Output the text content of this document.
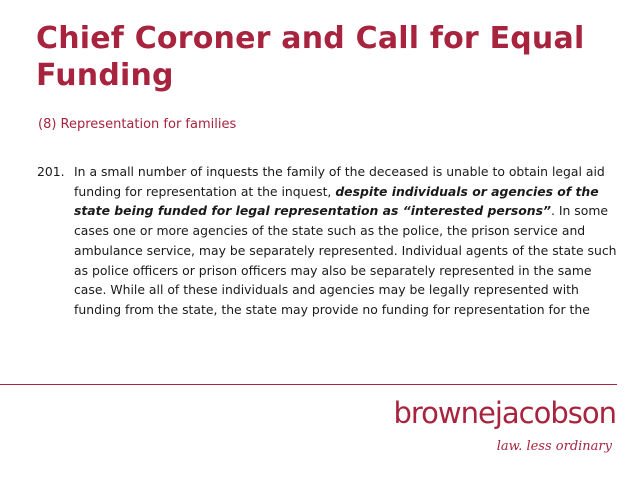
Chief Coroner and Call for Equal Funding

(8) Representation for families

201. In a small number of inquests the family of the deceased is unable to obtain legal aid funding for representation at the inquest, despite individuals or agencies of the state being funded for legal representation as “interested persons”. In some cases one or more agencies of the state such as the police, the prison service and ambulance service, may be separately represented. Individual agents of the state such as police officers or prison officers may also be separately represented in the same case. While all of these individuals and agencies may be legally represented with funding from the state, the state may provide no funding for representation for the
brownejacobson
law. less ordinary
